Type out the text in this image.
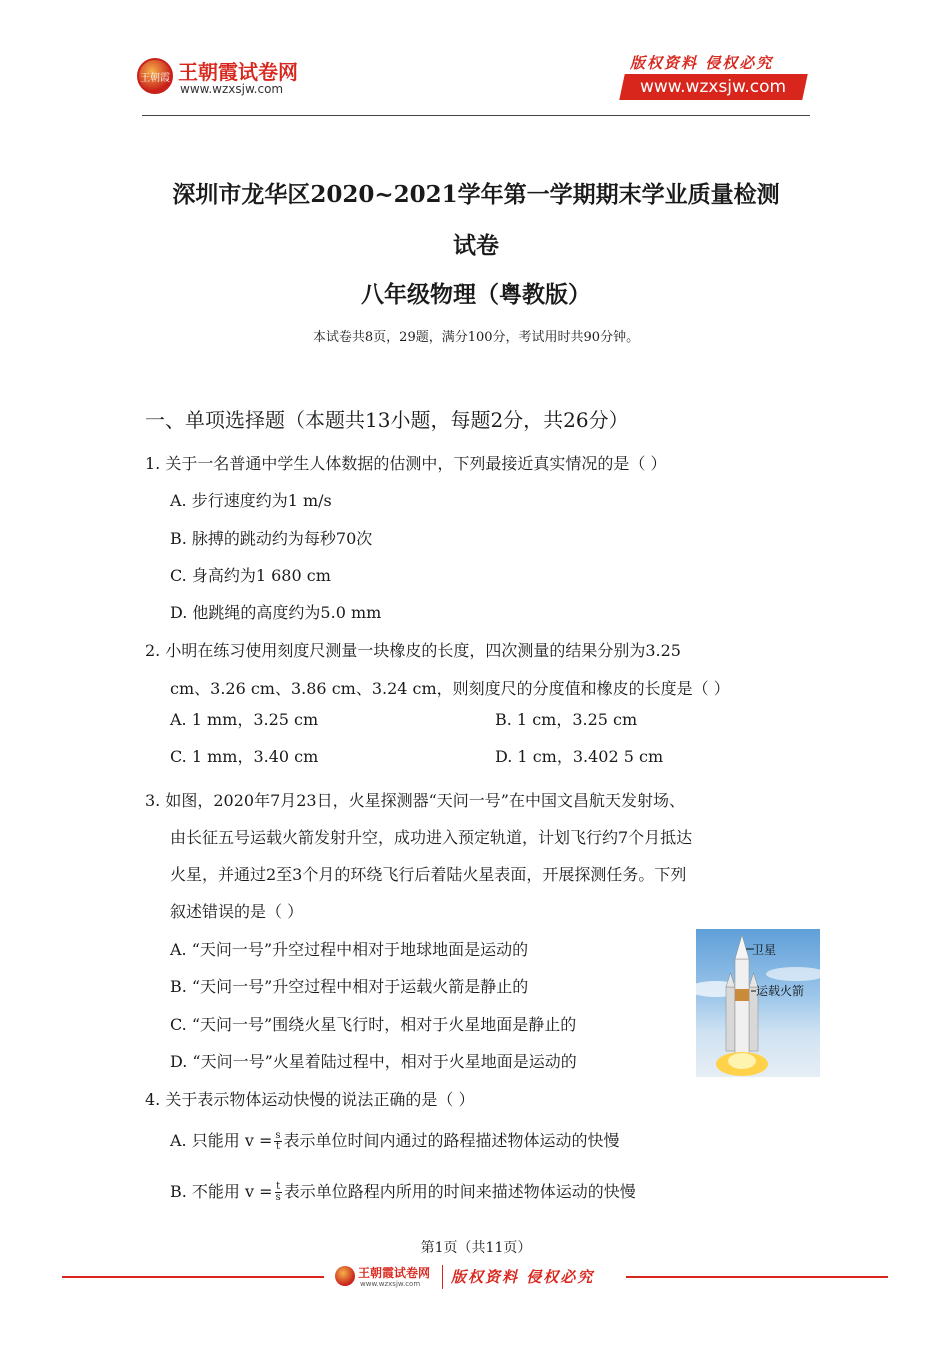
王朝霞 王朝霞试卷网
www.wzxsjw.com
版权资料 侵权必究
www.wzxsjw.com
深圳市龙华区2020~2021学年第一学期期末学业质量检测
试卷
八年级物理（粤教版）
本试卷共8页，29题，满分100分，考试用时共90分钟。
一、单项选择题（本题共13小题，每题2分，共26分）
1. 关于一名普通中学生人体数据的估测中，下列最接近真实情况的是（ ）
A. 步行速度约为1 m/s
B. 脉搏的跳动约为每秒70次
C. 身高约为1 680 cm
D. 他跳绳的高度约为5.0 mm
2. 小明在练习使用刻度尺测量一块橡皮的长度，四次测量的结果分别为3.25
cm、3.26 cm、3.86 cm、3.24 cm，则刻度尺的分度值和橡皮的长度是（ ）
A. 1 mm，3.25 cm	B. 1 cm，3.25 cm
C. 1 mm，3.40 cm	D. 1 cm，3.402 5 cm
3. 如图，2020年7月23日，火星探测器“天问一号”在中国文昌航天发射场、
由长征五号运载火箭发射升空，成功进入预定轨道，计划飞行约7个月抵达
火星，并通过2至3个月的环绕飞行后着陆火星表面，开展探测任务。下列
叙述错误的是（ ）
A. “天问一号”升空过程中相对于地球地面是运动的
B. “天问一号”升空过程中相对于运载火箭是静止的
C. “天问一号”围绕火星飞行时，相对于火星地面是静止的
D. “天问一号”火星着陆过程中，相对于火星地面是运动的
卫星
运载火箭
4. 关于表示物体运动快慢的说法正确的是（ ）
A. 只能用 $v = \frac{s}{t}$ 表示单位时间内通过的路程描述物体运动的快慢
B. 不能用 $v = \frac{t}{s}$ 表示单位路程内所用的时间来描述物体运动的快慢
第1页（共11页）
王朝霞试卷网
www.wzxsjw.com 版权资料 侵权必究
